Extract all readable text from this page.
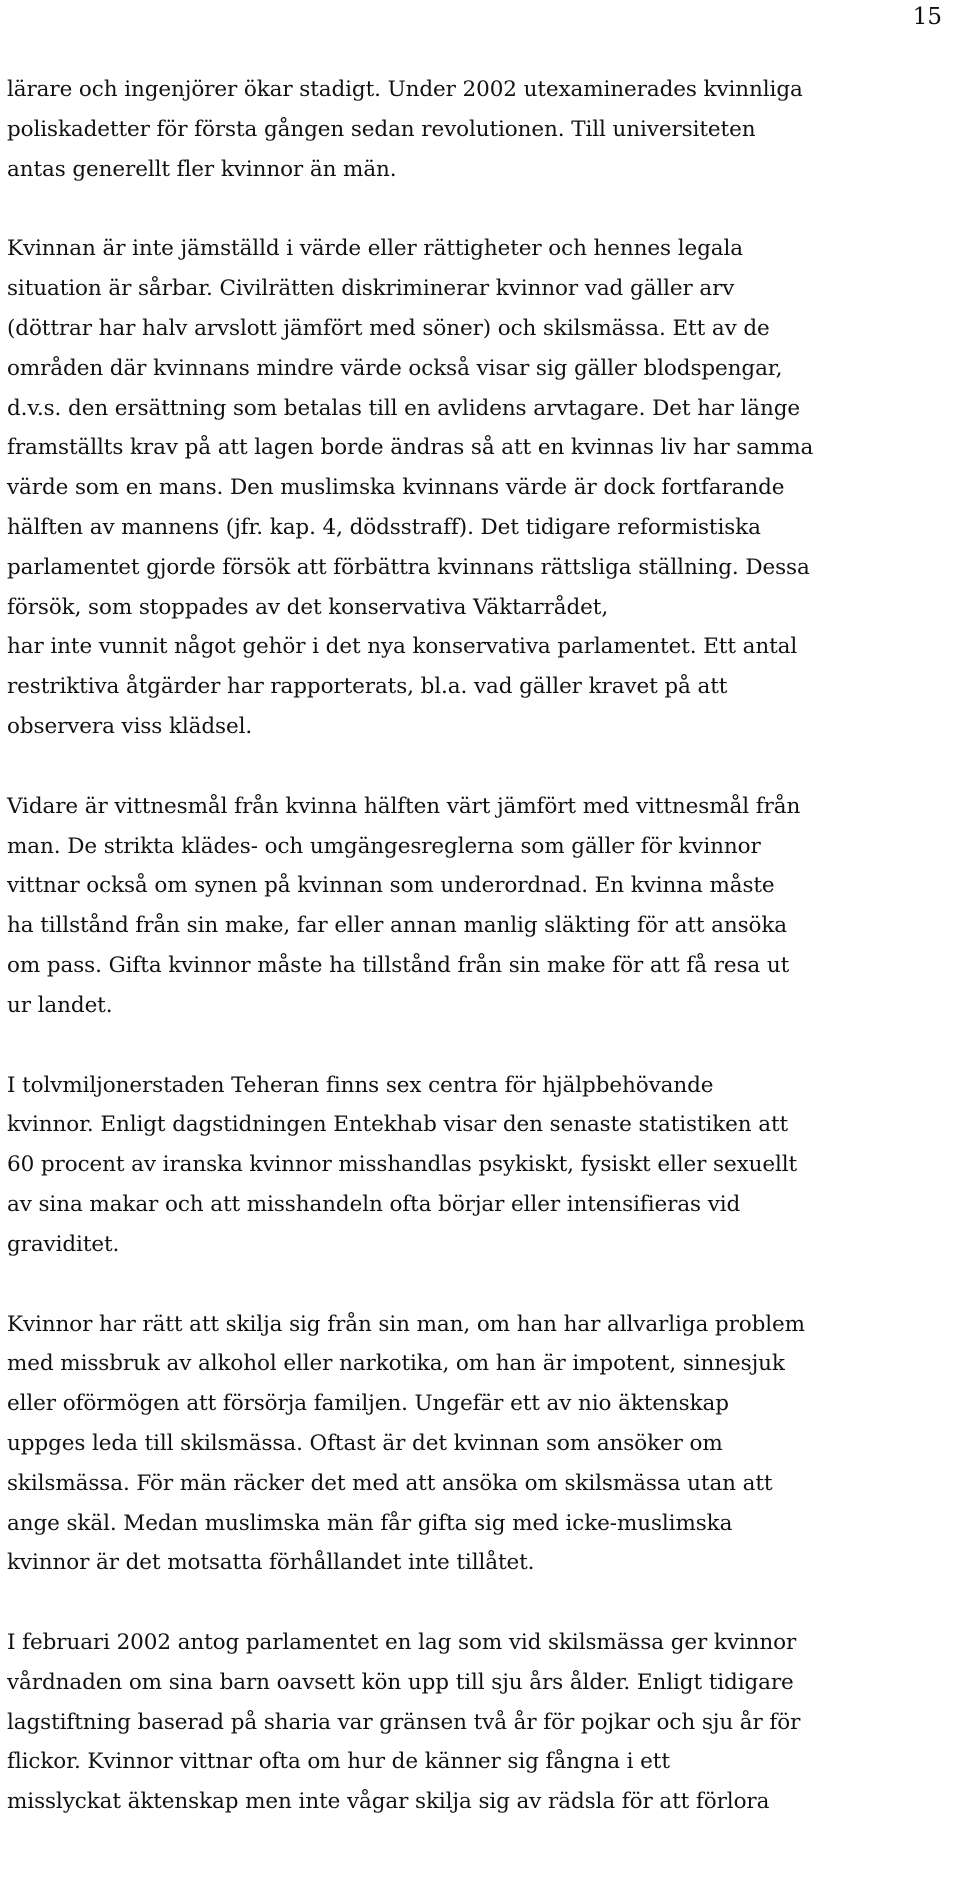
15

lärare och ingenjörer ökar stadigt. Under 2002 utexaminerades kvinnliga
poliskadetter för första gången sedan revolutionen. Till universiteten
antas generellt fler kvinnor än män.

Kvinnan är inte jämställd i värde eller rättigheter och hennes legala
situation är sårbar. Civilrätten diskriminerar kvinnor vad gäller arv
(döttrar har halv arvslott jämfört med söner) och skilsmässa. Ett av de
områden där kvinnans mindre värde också visar sig gäller blodspengar,
d.v.s. den ersättning som betalas till en avlidens arvtagare. Det har länge
framställts krav på att lagen borde ändras så att en kvinnas liv har samma
värde som en mans. Den muslimska kvinnans värde är dock fortfarande
hälften av mannens (jfr. kap. 4, dödsstraff). Det tidigare reformistiska
parlamentet gjorde försök att förbättra kvinnans rättsliga ställning. Dessa
försök, som stoppades av det konservativa Väktarrådet,
har inte vunnit något gehör i det nya konservativa parlamentet. Ett antal
restriktiva åtgärder har rapporterats, bl.a. vad gäller kravet på att
observera viss klädsel.

Vidare är vittnesmål från kvinna hälften värt jämfört med vittnesmål från
man. De strikta klädes- och umgängesreglerna som gäller för kvinnor
vittnar också om synen på kvinnan som underordnad. En kvinna måste
ha tillstånd från sin make, far eller annan manlig släkting för att ansöka
om pass. Gifta kvinnor måste ha tillstånd från sin make för att få resa ut
ur landet.

I tolvmiljonerstaden Teheran finns sex centra för hjälpbehövande
kvinnor. Enligt dagstidningen Entekhab visar den senaste statistiken att
60 procent av iranska kvinnor misshandlas psykiskt, fysiskt eller sexuellt
av sina makar och att misshandeln ofta börjar eller intensifieras vid
graviditet.

Kvinnor har rätt att skilja sig från sin man, om han har allvarliga problem
med missbruk av alkohol eller narkotika, om han är impotent, sinnesjuk
eller oförmögen att försörja familjen. Ungefär ett av nio äktenskap
uppges leda till skilsmässa. Oftast är det kvinnan som ansöker om
skilsmässa. För män räcker det med att ansöka om skilsmässa utan att
ange skäl. Medan muslimska män får gifta sig med icke-muslimska
kvinnor är det motsatta förhållandet inte tillåtet.

I februari 2002 antog parlamentet en lag som vid skilsmässa ger kvinnor
vårdnaden om sina barn oavsett kön upp till sju års ålder. Enligt tidigare
lagstiftning baserad på sharia var gränsen två år för pojkar och sju år för
flickor. Kvinnor vittnar ofta om hur de känner sig fångna i ett
misslyckat äktenskap men inte vågar skilja sig av rädsla för att förlora
